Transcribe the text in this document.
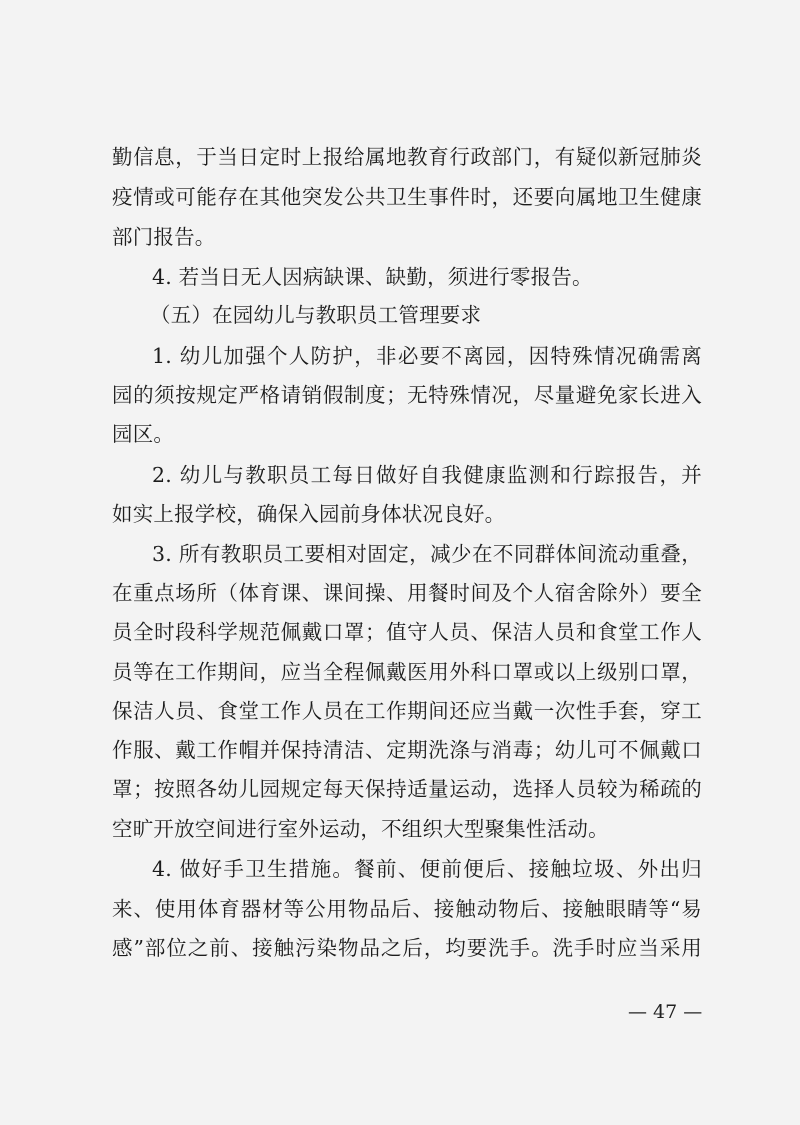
勤信息，于当日定时上报给属地教育行政部门，有疑似新冠肺炎
疫情或可能存在其他突发公共卫生事件时，还要向属地卫生健康
部门报告。
4. 若当日无人因病缺课、缺勤，须进行零报告。
（五）在园幼儿与教职员工管理要求
1. 幼儿加强个人防护，非必要不离园，因特殊情况确需离
园的须按规定严格请销假制度；无特殊情况，尽量避免家长进入
园区。
2. 幼儿与教职员工每日做好自我健康监测和行踪报告，并
如实上报学校，确保入园前身体状况良好。
3. 所有教职员工要相对固定，减少在不同群体间流动重叠，
在重点场所（体育课、课间操、用餐时间及个人宿舍除外）要全
员全时段科学规范佩戴口罩；值守人员、保洁人员和食堂工作人
员等在工作期间，应当全程佩戴医用外科口罩或以上级别口罩，
保洁人员、食堂工作人员在工作期间还应当戴一次性手套，穿工
作服、戴工作帽并保持清洁、定期洗涤与消毒；幼儿可不佩戴口
罩；按照各幼儿园规定每天保持适量运动，选择人员较为稀疏的
空旷开放空间进行室外运动，不组织大型聚集性活动。
4. 做好手卫生措施。餐前、便前便后、接触垃圾、外出归
来、使用体育器材等公用物品后、接触动物后、接触眼睛等“易
感”部位之前、接触污染物品之后，均要洗手。洗手时应当采用
— 47 —
